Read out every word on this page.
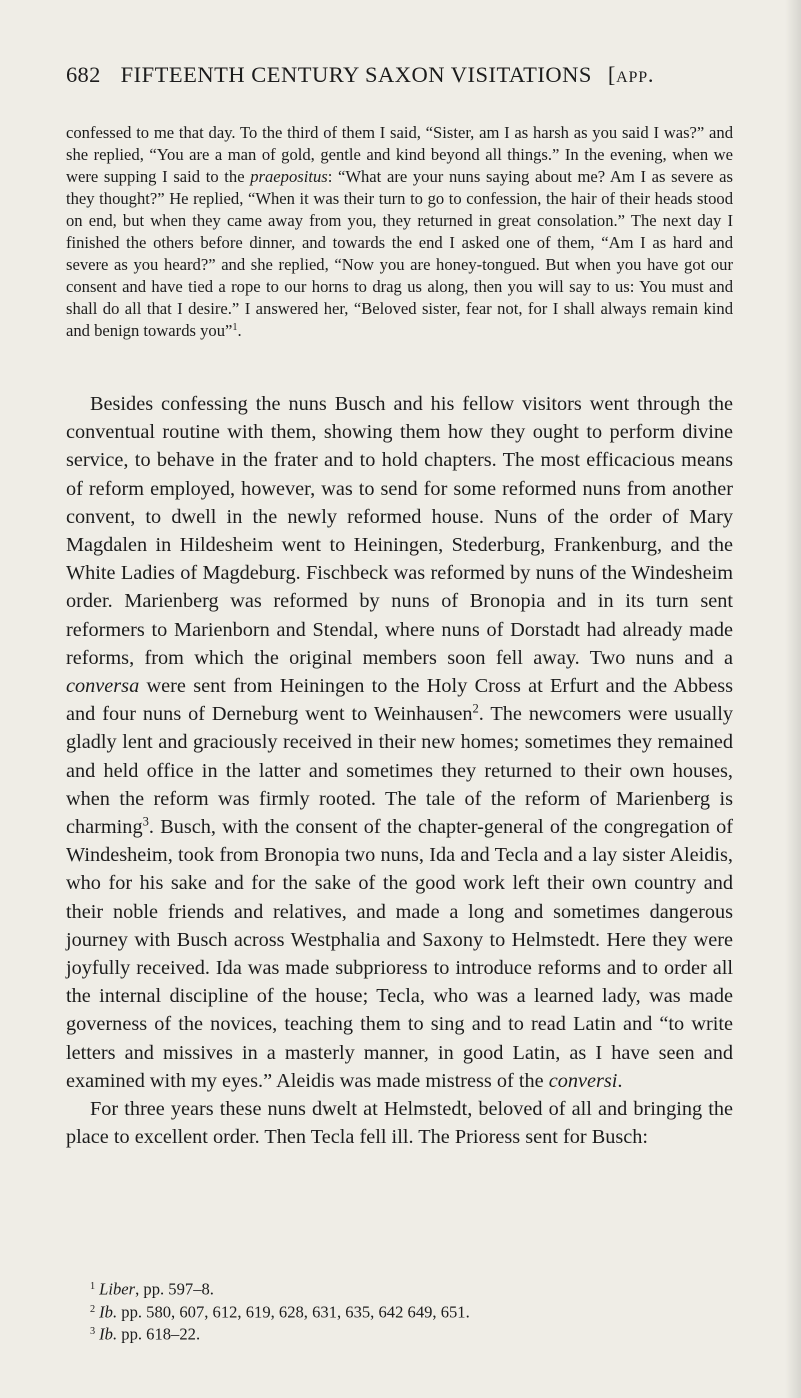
682 FIFTEENTH CENTURY SAXON VISITATIONS [app.

confessed to me that day. To the third of them I said, “Sister, am I as harsh as you said I was?” and she replied, “You are a man of gold, gentle and kind beyond all things.” In the evening, when we were supping I said to the praepositus: “What are your nuns saying about me? Am I as severe as they thought?” He replied, “When it was their turn to go to confession, the hair of their heads stood on end, but when they came away from you, they returned in great consolation.” The next day I finished the others before dinner, and towards the end I asked one of them, “Am I as hard and severe as you heard?” and she replied, “Now you are honey-tongued. But when you have got our consent and have tied a rope to our horns to drag us along, then you will say to us: You must and shall do all that I desire.” I answered her, “Beloved sister, fear not, for I shall always remain kind and benign towards you”$^1$.

Besides confessing the nuns Busch and his fellow visitors went through the conventual routine with them, showing them how they ought to perform divine service, to behave in the frater and to hold chapters. The most efficacious means of reform employed, however, was to send for some reformed nuns from another convent, to dwell in the newly reformed house. Nuns of the order of Mary Magdalen in Hildesheim went to Heiningen, Stederburg, Frankenburg, and the White Ladies of Magdeburg. Fischbeck was reformed by nuns of the Windesheim order. Marienberg was reformed by nuns of Bronopia and in its turn sent reformers to Marienborn and Stendal, where nuns of Dorstadt had already made reforms, from which the original members soon fell away. Two nuns and a conversa were sent from Heiningen to the Holy Cross at Erfurt and the Abbess and four nuns of Derneburg went to Weinhausen$^2$. The newcomers were usually gladly lent and graciously received in their new homes; sometimes they remained and held office in the latter and sometimes they returned to their own houses, when the reform was firmly rooted. The tale of the reform of Marienberg is charming$^3$. Busch, with the consent of the chapter-general of the congregation of Windesheim, took from Bronopia two nuns, Ida and Tecla and a lay sister Aleidis, who for his sake and for the sake of the good work left their own country and their noble friends and relatives, and made a long and sometimes dangerous journey with Busch across Westphalia and Saxony to Helmstedt. Here they were joyfully received. Ida was made subprioress to introduce reforms and to order all the internal discipline of the house; Tecla, who was a learned lady, was made governess of the novices, teaching them to sing and to read Latin and “to write letters and missives in a masterly manner, in good Latin, as I have seen and examined with my eyes.” Aleidis was made mistress of the conversi.

For three years these nuns dwelt at Helmstedt, beloved of all and bringing the place to excellent order. Then Tecla fell ill. The Prioress sent for Busch:

$^1$ Liber, pp. 597–8.

$^2$ Ib. pp. 580, 607, 612, 619, 628, 631, 635, 642 649, 651.

$^3$ Ib. pp. 618–22.
